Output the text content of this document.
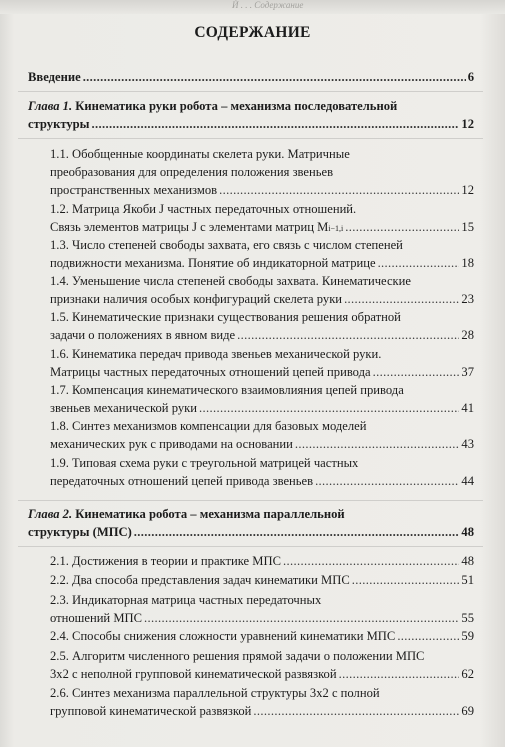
Ѝ . . . Содержание
СОДЕРЖАНИЕ
Введение . . .	6
Глава 1.
Кинематика руки робота – механизма последовательной
структуры . . .	12
1.1. Обобщенные координаты скелета руки. Матричные
преобразования для определения положения звеньев
пространственных механизмов . . .	12
1.2. Матрица Якоби J частных передаточных отношений.
Связь элементов матрицы J с элементами матриц M i−1,i . . .	15
1.3. Число степеней свободы захвата, его связь с числом степеней
подвижности механизма. Понятие об индикаторной матрице . . .	18
1.4. Уменьшение числа степеней свободы захвата. Кинематические
признаки наличия особых конфигураций скелета руки . . .	23
1.5. Кинематические признаки существования решения обратной
задачи о положениях в явном виде . . .	28
1.6. Кинематика передач привода звеньев механической руки.
Матрицы частных передаточных отношений цепей привода . . .	37
1.7. Компенсация кинематического взаимовлияния цепей привода
звеньев механической руки . . .	41
1.8. Синтез механизмов компенсации для базовых моделей
механических рук с приводами на основании . . .	43
1.9. Типовая схема руки с треугольной матрицей частных
передаточных отношений цепей привода звеньев . . .	44
Глава 2.
Кинематика робота – механизма параллельной
структуры (МПС) . . .	48
2.1. Достижения в теории и практике МПС . . .	48
2.2. Два способа представления задач кинематики МПС . . .	51
2.3. Индикаторная матрица частных передаточных
отношений МПС . . .	55
2.4. Способы снижения сложности уравнений кинематики МПС . . .	59
2.5. Алгоритм численного решения прямой задачи о положении МПС
3х2 с неполной групповой кинематической развязкой . . .	62
2.6. Синтез механизма параллельной структуры 3х2 с полной
групповой кинематической развязкой . . .	69
